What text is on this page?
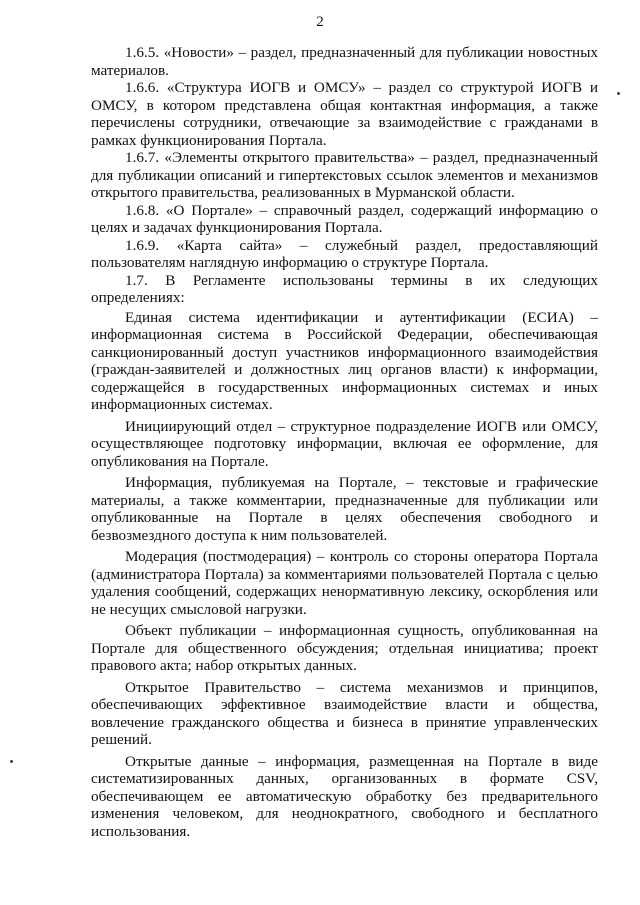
2

1.6.5. «Новости» – раздел, предназначенный для публикации новостных материалов.

1.6.6. «Структура ИОГВ и ОМСУ» – раздел со структурой ИОГВ и ОМСУ, в котором представлена общая контактная информация, а также перечислены сотрудники, отвечающие за взаимодействие с гражданами в рамках функционирования Портала.

1.6.7. «Элементы открытого правительства» – раздел, предназначенный для публикации описаний и гипертекстовых ссылок элементов и механизмов открытого правительства, реализованных в Мурманской области.

1.6.8. «О Портале» – справочный раздел, содержащий информацию о целях и задачах функционирования Портала.

1.6.9. «Карта сайта» – служебный раздел, предоставляющий пользователям наглядную информацию о структуре Портала.

1.7. В Регламенте использованы термины в их следующих определениях:

Единая система идентификации и аутентификации (ЕСИА) – информационная система в Российской Федерации, обеспечивающая санкционированный доступ участников информационного взаимодействия (граждан-заявителей и должностных лиц органов власти) к информации, содержащейся в государственных информационных системах и иных информационных системах.

Инициирующий отдел – структурное подразделение ИОГВ или ОМСУ, осуществляющее подготовку информации, включая ее оформление, для опубликования на Портале.

Информация, публикуемая на Портале, – текстовые и графические материалы, а также комментарии, предназначенные для публикации или опубликованные на Портале в целях обеспечения свободного и безвозмездного доступа к ним пользователей.

Модерация (постмодерация) – контроль со стороны оператора Портала (администратора Портала) за комментариями пользователей Портала с целью удаления сообщений, содержащих ненормативную лексику, оскорбления или не несущих смысловой нагрузки.

Объект публикации – информационная сущность, опубликованная на Портале для общественного обсуждения; отдельная инициатива; проект правового акта; набор открытых данных.

Открытое Правительство – система механизмов и принципов, обеспечивающих эффективное взаимодействие власти и общества, вовлечение гражданского общества и бизнеса в принятие управленческих решений.

Открытые данные – информация, размещенная на Портале в виде систематизированных данных, организованных в формате CSV, обеспечивающем ее автоматическую обработку без предварительного изменения человеком, для неоднократного, свободного и бесплатного использования.
